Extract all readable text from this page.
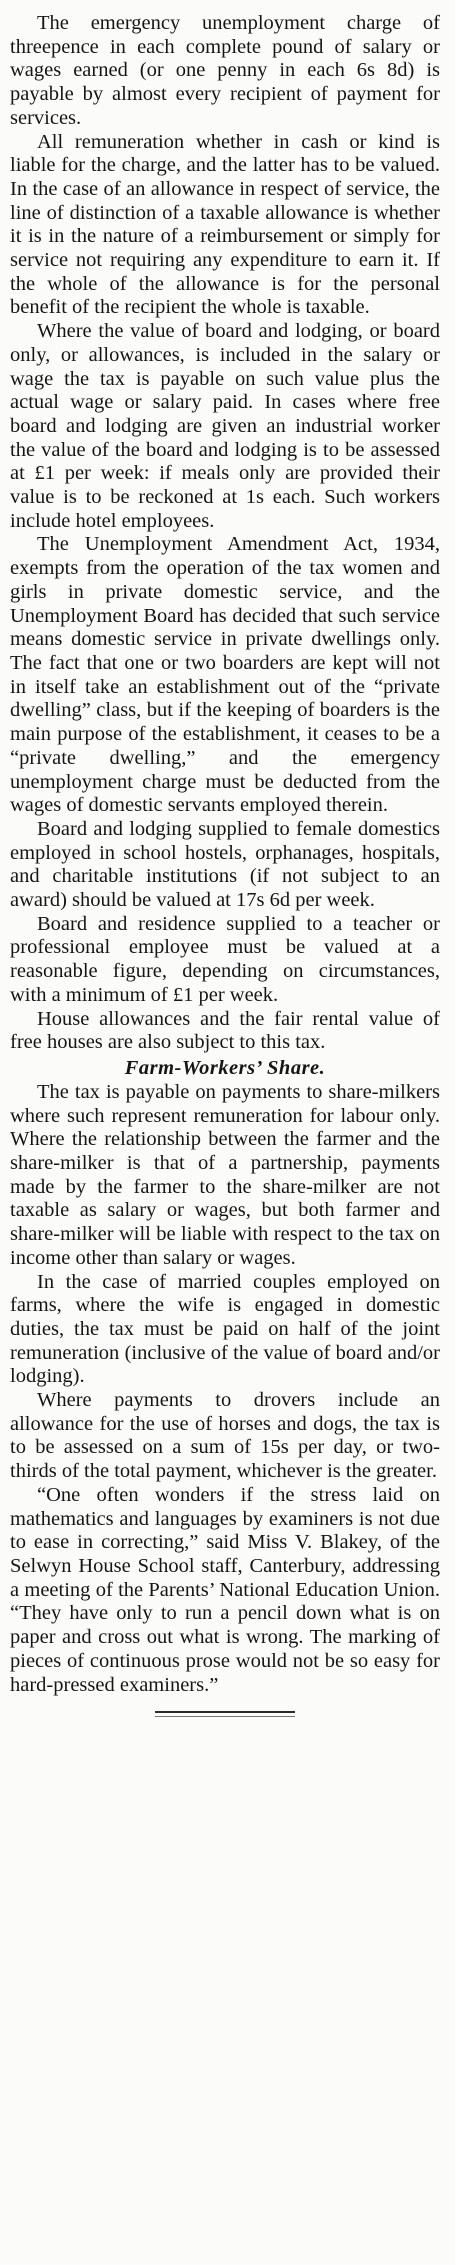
The emergency unemployment charge of threepence in each complete pound of salary or wages earned (or one penny in each 6s 8d) is payable by almost every recipient of payment for services.

All remuneration whether in cash or kind is liable for the charge, and the latter has to be valued. In the case of an allowance in respect of service, the line of distinction of a taxable allowance is whether it is in the nature of a reimbursement or simply for service not requiring any expenditure to earn it. If the whole of the allowance is for the personal benefit of the recipient the whole is taxable.

Where the value of board and lodging, or board only, or allowances, is included in the salary or wage the tax is payable on such value plus the actual wage or salary paid. In cases where free board and lodging are given an industrial worker the value of the board and lodging is to be assessed at £1 per week: if meals only are provided their value is to be reckoned at 1s each. Such workers include hotel employees.

The Unemployment Amendment Act, 1934, exempts from the operation of the tax women and girls in private domestic service, and the Unemployment Board has decided that such service means domestic service in private dwellings only. The fact that one or two boarders are kept will not in itself take an establishment out of the “private dwelling” class, but if the keeping of boarders is the main purpose of the establishment, it ceases to be a “private dwelling,” and the emergency unemployment charge must be deducted from the wages of domestic servants employed therein.

Board and lodging supplied to female domestics employed in school hostels, orphanages, hospitals, and charitable institutions (if not subject to an award) should be valued at 17s 6d per week.

Board and residence supplied to a teacher or professional employee must be valued at a reasonable figure, depending on circumstances, with a minimum of £1 per week.

House allowances and the fair rental value of free houses are also subject to this tax.

Farm-Workers’ Share.

The tax is payable on payments to share-milkers where such represent remuneration for labour only. Where the relationship between the farmer and the share-milker is that of a partnership, payments made by the farmer to the share-milker are not taxable as salary or wages, but both farmer and share-milker will be liable with respect to the tax on income other than salary or wages.

In the case of married couples employed on farms, where the wife is engaged in domestic duties, the tax must be paid on half of the joint remuneration (inclusive of the value of board and/or lodging).

Where payments to drovers include an allowance for the use of horses and dogs, the tax is to be assessed on a sum of 15s per day, or two-thirds of the total payment, whichever is the greater.

“One often wonders if the stress laid on mathematics and languages by examiners is not due to ease in correcting,” said Miss V. Blakey, of the Selwyn House School staff, Canterbury, addressing a meeting of the Parents’ National Education Union. “They have only to run a pencil down what is on paper and cross out what is wrong. The marking of pieces of continuous prose would not be so easy for hard-pressed examiners.”
